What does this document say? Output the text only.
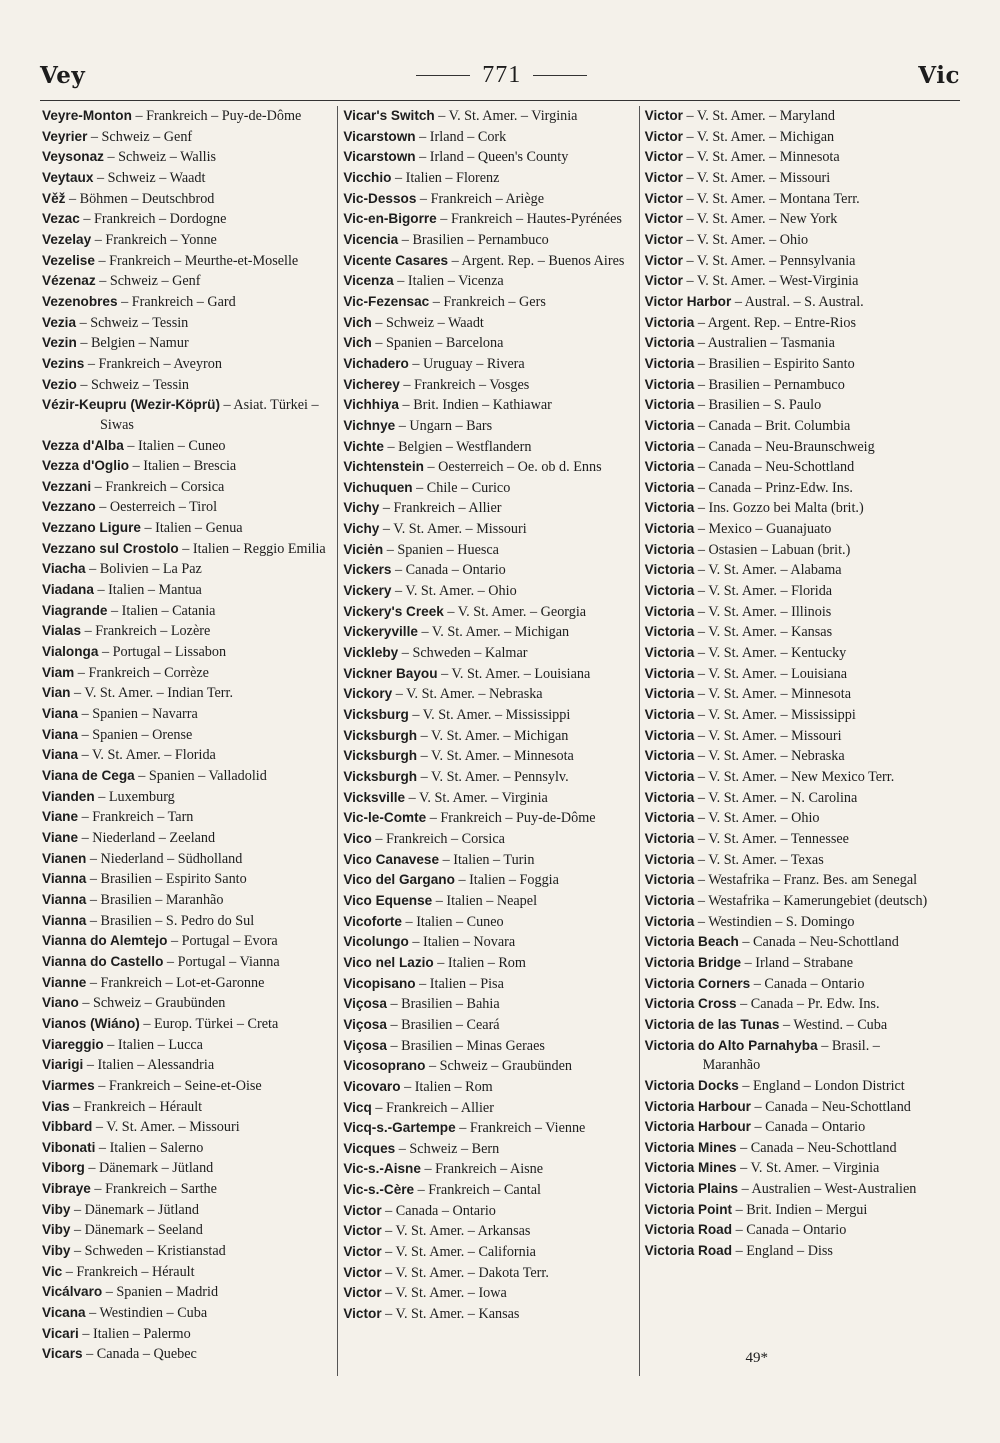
Vey	771	Vic
Veyre-Monton – Frankreich – Puy-de-Dôme
Veyrier – Schweiz – Genf
Veysonaz – Schweiz – Wallis
Veytaux – Schweiz – Waadt
Věž – Böhmen – Deutschbrod
Vezac – Frankreich – Dordogne
Vezelay – Frankreich – Yonne
Vezelise – Frankreich – Meurthe-et-Moselle
Vézenaz – Schweiz – Genf
Vezenobres – Frankreich – Gard
Vezia – Schweiz – Tessin
Vezin – Belgien – Namur
Vezins – Frankreich – Aveyron
Vezio – Schweiz – Tessin
Vézir-Keupru (Wezir-Köprü) – Asiat. Türkei – Siwas
Vezza d'Alba – Italien – Cuneo
Vezza d'Oglio – Italien – Brescia
Vezzani – Frankreich – Corsica
Vezzano – Oesterreich – Tirol
Vezzano Ligure – Italien – Genua
Vezzano sul Crostolo – Italien – Reggio Emilia
Viacha – Bolivien – La Paz
Viadana – Italien – Mantua
Viagrande – Italien – Catania
Vialas – Frankreich – Lozère
Vialonga – Portugal – Lissabon
Viam – Frankreich – Corrèze
Vian – V. St. Amer. – Indian Terr.
Viana – Spanien – Navarra
Viana – Spanien – Orense
Viana – V. St. Amer. – Florida
Viana de Cega – Spanien – Valladolid
Vianden – Luxemburg
Viane – Frankreich – Tarn
Viane – Niederland – Zeeland
Vianen – Niederland – Südholland
Vianna – Brasilien – Espirito Santo
Vianna – Brasilien – Maranhão
Vianna – Brasilien – S. Pedro do Sul
Vianna do Alemtejo – Portugal – Evora
Vianna do Castello – Portugal – Vianna
Vianne – Frankreich – Lot-et-Garonne
Viano – Schweiz – Graubünden
Vianos (Wiáno) – Europ. Türkei – Creta
Viareggio – Italien – Lucca
Viarigi – Italien – Alessandria
Viarmes – Frankreich – Seine-et-Oise
Vias – Frankreich – Hérault
Vibbard – V. St. Amer. – Missouri
Vibonati – Italien – Salerno
Viborg – Dänemark – Jütland
Vibraye – Frankreich – Sarthe
Viby – Dänemark – Jütland
Viby – Dänemark – Seeland
Viby – Schweden – Kristianstad
Vic – Frankreich – Hérault
Vicálvaro – Spanien – Madrid
Vicana – Westindien – Cuba
Vicari – Italien – Palermo
Vicars – Canada – Quebec
Vicar's Switch – V. St. Amer. – Virginia
Vicarstown – Irland – Cork
Vicarstown – Irland – Queen's County
Vicchio – Italien – Florenz
Vic-Dessos – Frankreich – Ariège
Vic-en-Bigorre – Frankreich – Hautes-Pyrénées
Vicencia – Brasilien – Pernambuco
Vicente Casares – Argent. Rep. – Buenos Aires
Vicenza – Italien – Vicenza
Vic-Fezensac – Frankreich – Gers
Vich – Schweiz – Waadt
Vich – Spanien – Barcelona
Vichadero – Uruguay – Rivera
Vicherey – Frankreich – Vosges
Vichhiya – Brit. Indien – Kathiawar
Vichnye – Ungarn – Bars
Vichte – Belgien – Westflandern
Vichtenstein – Oesterreich – Oe. ob d. Enns
Vichuquen – Chile – Curico
Vichy – Frankreich – Allier
Vichy – V. St. Amer. – Missouri
Viciėn – Spanien – Huesca
Vickers – Canada – Ontario
Vickery – V. St. Amer. – Ohio
Vickery's Creek – V. St. Amer. – Georgia
Vickeryville – V. St. Amer. – Michigan
Vickleby – Schweden – Kalmar
Vickner Bayou – V. St. Amer. – Louisiana
Vickory – V. St. Amer. – Nebraska
Vicksburg – V. St. Amer. – Mississippi
Vicksburgh – V. St. Amer. – Michigan
Vicksburgh – V. St. Amer. – Minnesota
Vicksburgh – V. St. Amer. – Pennsylv.
Vicksville – V. St. Amer. – Virginia
Vic-le-Comte – Frankreich – Puy-de-Dôme
Vico – Frankreich – Corsica
Vico Canavese – Italien – Turin
Vico del Gargano – Italien – Foggia
Vico Equense – Italien – Neapel
Vicoforte – Italien – Cuneo
Vicolungo – Italien – Novara
Vico nel Lazio – Italien – Rom
Vicopisano – Italien – Pisa
Viçosa – Brasilien – Bahia
Viçosa – Brasilien – Ceará
Viçosa – Brasilien – Minas Geraes
Vicosoprano – Schweiz – Graubünden
Vicovaro – Italien – Rom
Vicq – Frankreich – Allier
Vicq-s.-Gartempe – Frankreich – Vienne
Vicques – Schweiz – Bern
Vic-s.-Aisne – Frankreich – Aisne
Vic-s.-Cère – Frankreich – Cantal
Victor – Canada – Ontario
Victor – V. St. Amer. – Arkansas
Victor – V. St. Amer. – California
Victor – V. St. Amer. – Dakota Terr.
Victor – V. St. Amer. – Iowa
Victor – V. St. Amer. – Kansas
Victor – V. St. Amer. – Maryland
Victor – V. St. Amer. – Michigan
Victor – V. St. Amer. – Minnesota
Victor – V. St. Amer. – Missouri
Victor – V. St. Amer. – Montana Terr.
Victor – V. St. Amer. – New York
Victor – V. St. Amer. – Ohio
Victor – V. St. Amer. – Pennsylvania
Victor – V. St. Amer. – West-Virginia
Victor Harbor – Austral. – S. Austral.
Victoria – Argent. Rep. – Entre-Rios
Victoria – Australien – Tasmania
Victoria – Brasilien – Espirito Santo
Victoria – Brasilien – Pernambuco
Victoria – Brasilien – S. Paulo
Victoria – Canada – Brit. Columbia
Victoria – Canada – Neu-Braunschweig
Victoria – Canada – Neu-Schottland
Victoria – Canada – Prinz-Edw. Ins.
Victoria – Ins. Gozzo bei Malta (brit.)
Victoria – Mexico – Guanajuato
Victoria – Ostasien – Labuan (brit.)
Victoria – V. St. Amer. – Alabama
Victoria – V. St. Amer. – Florida
Victoria – V. St. Amer. – Illinois
Victoria – V. St. Amer. – Kansas
Victoria – V. St. Amer. – Kentucky
Victoria – V. St. Amer. – Louisiana
Victoria – V. St. Amer. – Minnesota
Victoria – V. St. Amer. – Mississippi
Victoria – V. St. Amer. – Missouri
Victoria – V. St. Amer. – Nebraska
Victoria – V. St. Amer. – New Mexico Terr.
Victoria – V. St. Amer. – N. Carolina
Victoria – V. St. Amer. – Ohio
Victoria – V. St. Amer. – Tennessee
Victoria – V. St. Amer. – Texas
Victoria – Westafrika – Franz. Bes. am Senegal
Victoria – Westafrika – Kamerungebiet (deutsch)
Victoria – Westindien – S. Domingo
Victoria Beach – Canada – Neu-Schottland
Victoria Bridge – Irland – Strabane
Victoria Corners – Canada – Ontario
Victoria Cross – Canada – Pr. Edw. Ins.
Victoria de las Tunas – Westind. – Cuba
Victoria do Alto Parnahyba – Brasil. – Maranhão
Victoria Docks – England – London District
Victoria Harbour – Canada – Neu-Schottland
Victoria Harbour – Canada – Ontario
Victoria Mines – Canada – Neu-Schottland
Victoria Mines – V. St. Amer. – Virginia
Victoria Plains – Australien – West-Australien
Victoria Point – Brit. Indien – Mergui
Victoria Road – Canada – Ontario
Victoria Road – England – Diss
49*
